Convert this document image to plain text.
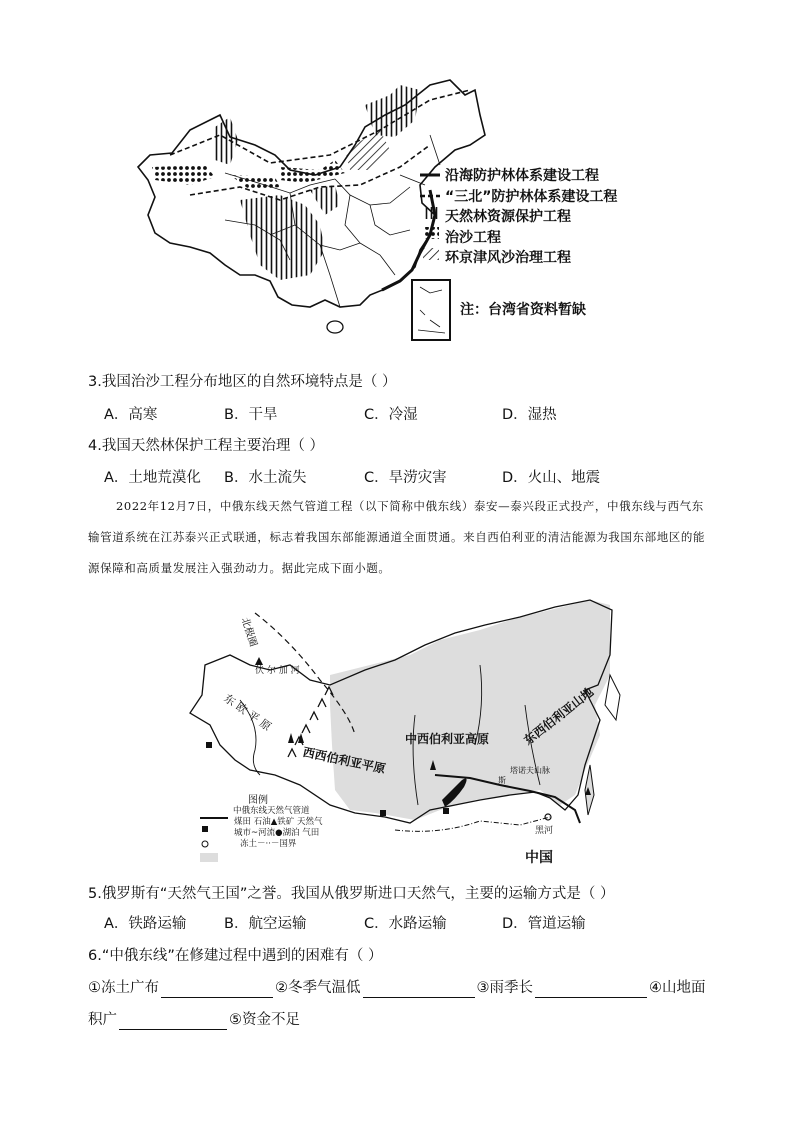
沿海防护林体系建设工程
“三北”防护林体系建设工程
天然林资源保护工程
治沙工程
环京津风沙治理工程
注：台湾省资料暂缺
3.我国治沙工程分布地区的自然环境特点是（ ）
A．高寒	B．干旱	C．冷湿	D．湿热
4.我国天然林保护工程主要治理（ ）
A．土地荒漠化 B．水土流失	C．旱涝灾害	D．火山、地震
2022年12月7日，中俄东线天然气管道工程（以下简称中俄东线）泰安—泰兴段正式投产，中俄东线与西气东输管道系统在江苏泰兴正式联通，标志着我国东部能源通道全面贯通。来自西伯利亚的清洁能源为我国东部地区的能源保障和高质量发展注入强劲动力。据此完成下面小题。
北极圈
东 欧 平 原
伏 尔 加 河
西西伯利亚平原
中西伯利亚高原	东西伯利亚山地
塔诺夫山脉
斯
黑河
中国
图例
中俄东线天然气管道
煤田 石油▲铁矿 天然气
城市~河流●湖泊 气田
冻土－··－国界
5.俄罗斯有“天然气王国”之誉。我国从俄罗斯进口天然气，主要的运输方式是（ ）
A．铁路运输	B．航空运输	C．水路运输	D．管道运输
6.“中俄东线”在修建过程中遇到的困难有（ ）
①冻土广布	②冬季气温低	③雨季长	④山地面
积广	⑤资金不足
